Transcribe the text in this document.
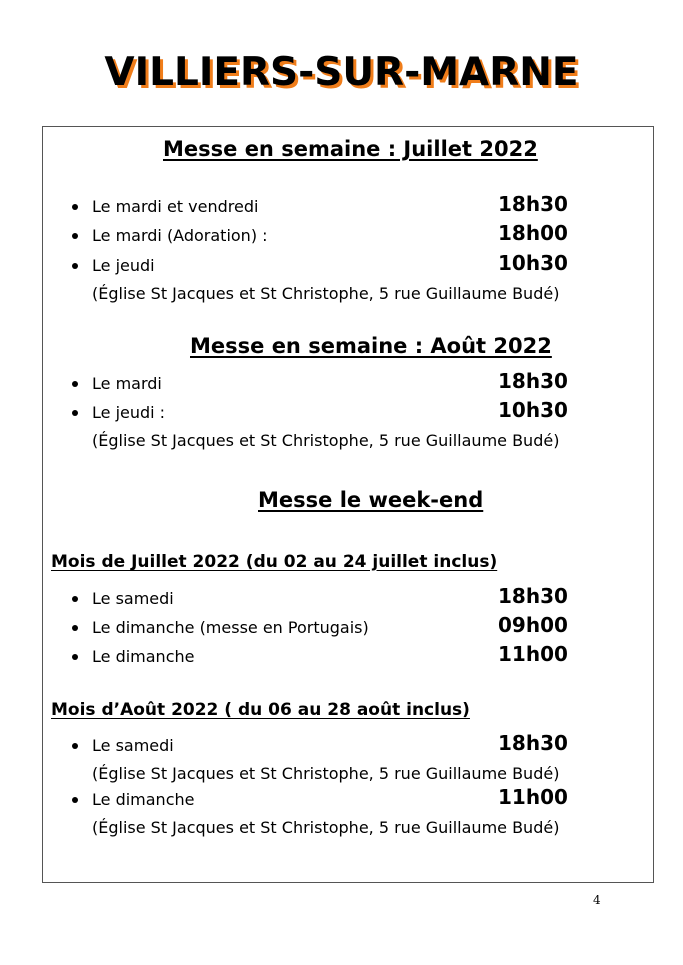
VILLIERS-SUR-MARNE
Messe en semaine : Juillet 2022
Le mardi et vendredi	18h30
Le mardi (Adoration) :	18h00
Le jeudi	10h30
(Église St Jacques et St Christophe, 5 rue Guillaume Budé)
Messe en semaine : Août 2022
Le mardi	18h30
Le jeudi :	10h30
(Église St Jacques et St Christophe, 5 rue Guillaume Budé)
Messe le week-end
Mois de Juillet 2022 (du 02 au 24 juillet inclus)
Le samedi	18h30
Le dimanche (messe en Portugais)	09h00
Le dimanche	11h00
Mois d’Août 2022 ( du 06 au 28 août inclus)
Le samedi	18h30
(Église St Jacques et St Christophe, 5 rue Guillaume Budé)
Le dimanche	11h00
(Église St Jacques et St Christophe, 5 rue Guillaume Budé)
4
